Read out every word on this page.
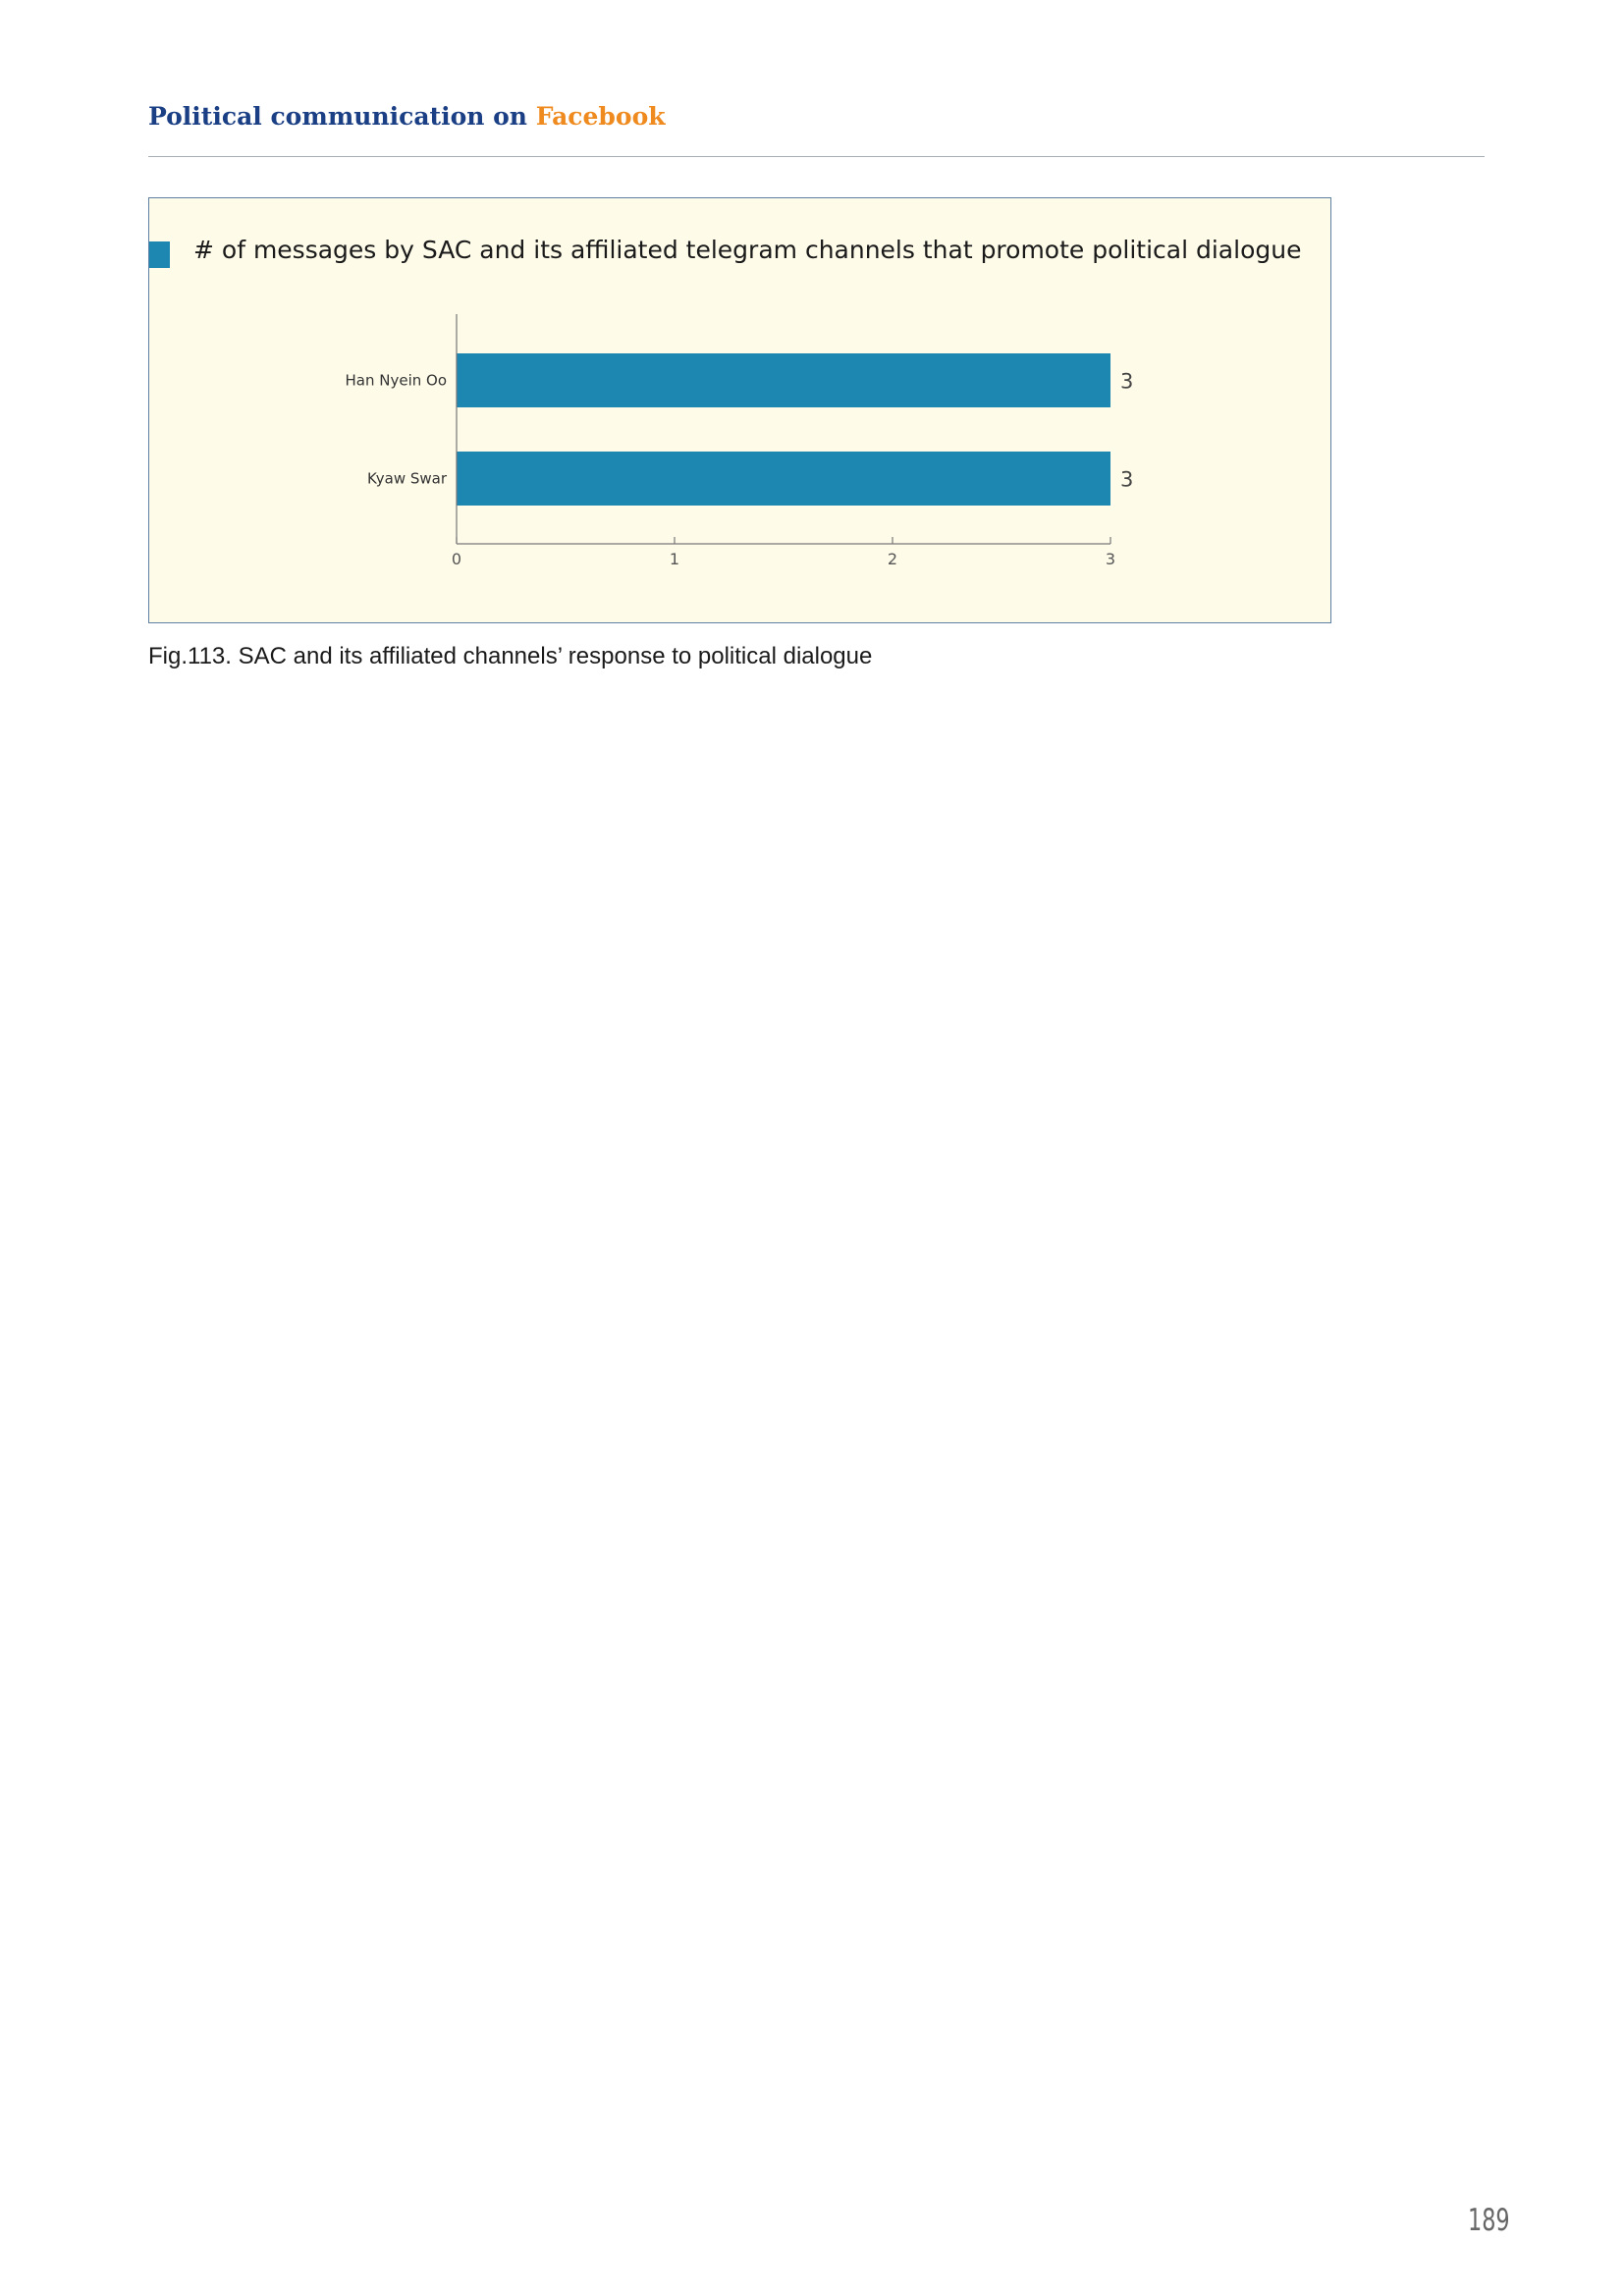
Political communication on Facebook
# of messages by SAC and its affiliated telegram channels that promote political dialogue
Han Nyein Oo	3
Kyaw Swar	3
0	1	2	3
Fig.113. SAC and its affiliated channels’ response to political dialogue
189
